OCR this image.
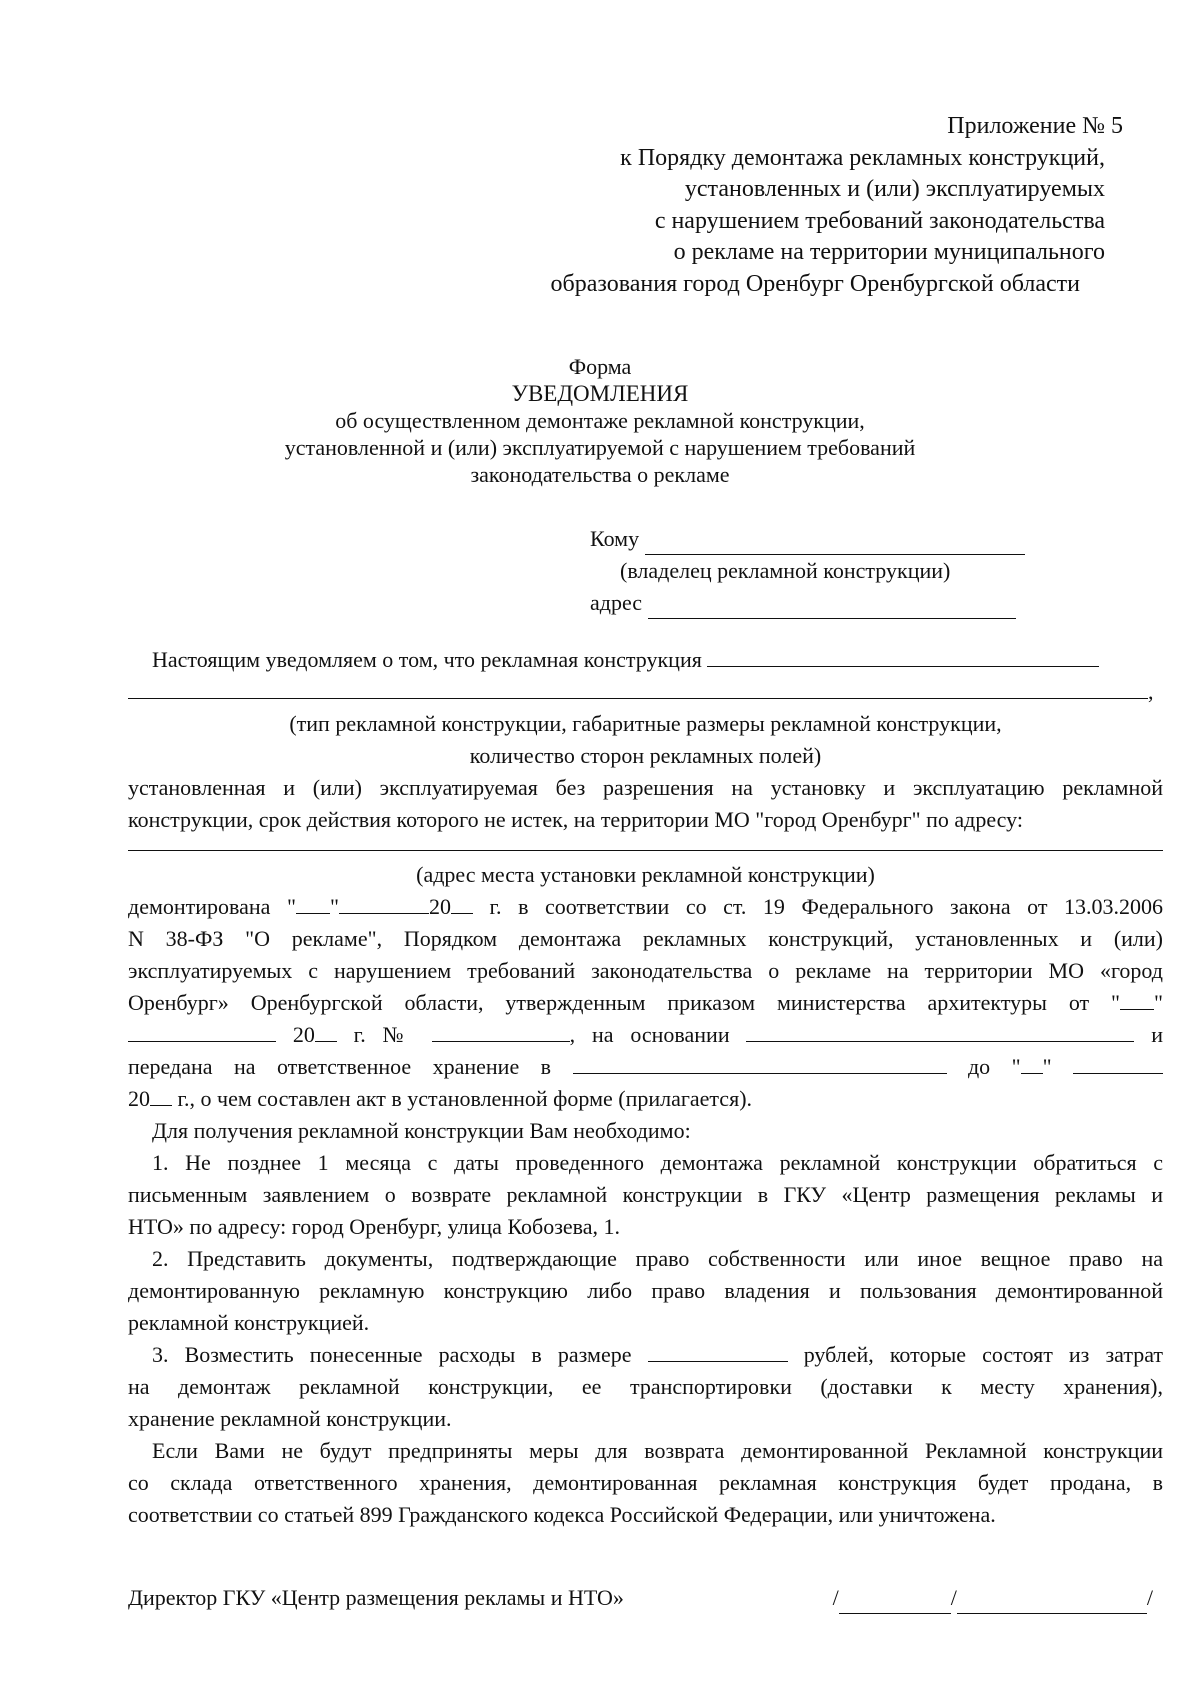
Приложение № 5
к Порядку демонтажа рекламных конструкций,
установленных и (или) эксплуатируемых
с нарушением требований законодательства
о рекламе на территории муниципального
образования город Оренбург Оренбургской области
Форма
УВЕДОМЛЕНИЯ
об осуществленном демонтаже рекламной конструкции,
установленной и (или) эксплуатируемой с нарушением требований
законодательства о рекламе
Кому
(владелец рекламной конструкции)
адрес
Настоящим уведомляем о том, что рекламная конструкция
,
(тип рекламной конструкции, габаритные размеры рекламной конструкции,
количество сторон рекламных полей)
установленная и (или) эксплуатируемая без разрешения на установку и эксплуатацию рекламной
конструкции, срок действия которого не истек, на территории МО "город Оренбург" по адресу:
(адрес места установки рекламной конструкции)
демонтирована " "	20 г. в соответствии со ст. 19 Федерального закона от 13.03.2006
N 38-ФЗ "О рекламе", Порядком демонтажа рекламных конструкций, установленных и (или)
эксплуатируемых с нарушением требований законодательства о рекламе на территории МО «город
Оренбург» Оренбургской области, утвержденным приказом министерства архитектуры от " "
20 г. №	, на основании	и
передана на ответственное хранение в	до " "
20 г., о чем составлен акт в установленной форме (прилагается).
Для получения рекламной конструкции Вам необходимо:
1. Не позднее 1 месяца с даты проведенного демонтажа рекламной конструкции обратиться с
письменным заявлением о возврате рекламной конструкции в ГКУ «Центр размещения рекламы и
НТО» по адресу: город Оренбург, улица Кобозева, 1.
2. Представить документы, подтверждающие право собственности или иное вещное право на
демонтированную рекламную конструкцию либо право владения и пользования демонтированной
рекламной конструкцией.
3. Возместить понесенные расходы в размере	рублей, которые состоят из затрат
на демонтаж рекламной конструкции, ее транспортировки (доставки к месту хранения),
хранение рекламной конструкции.
Если Вами не будут предприняты меры для возврата демонтированной Рекламной конструкции
со склада ответственного хранения, демонтированная рекламная конструкция будет продана, в
соответствии со статьей 899 Гражданского кодекса Российской Федерации, или уничтожена.
Директор ГКУ «Центр размещения рекламы и НТО»	/	/	/
